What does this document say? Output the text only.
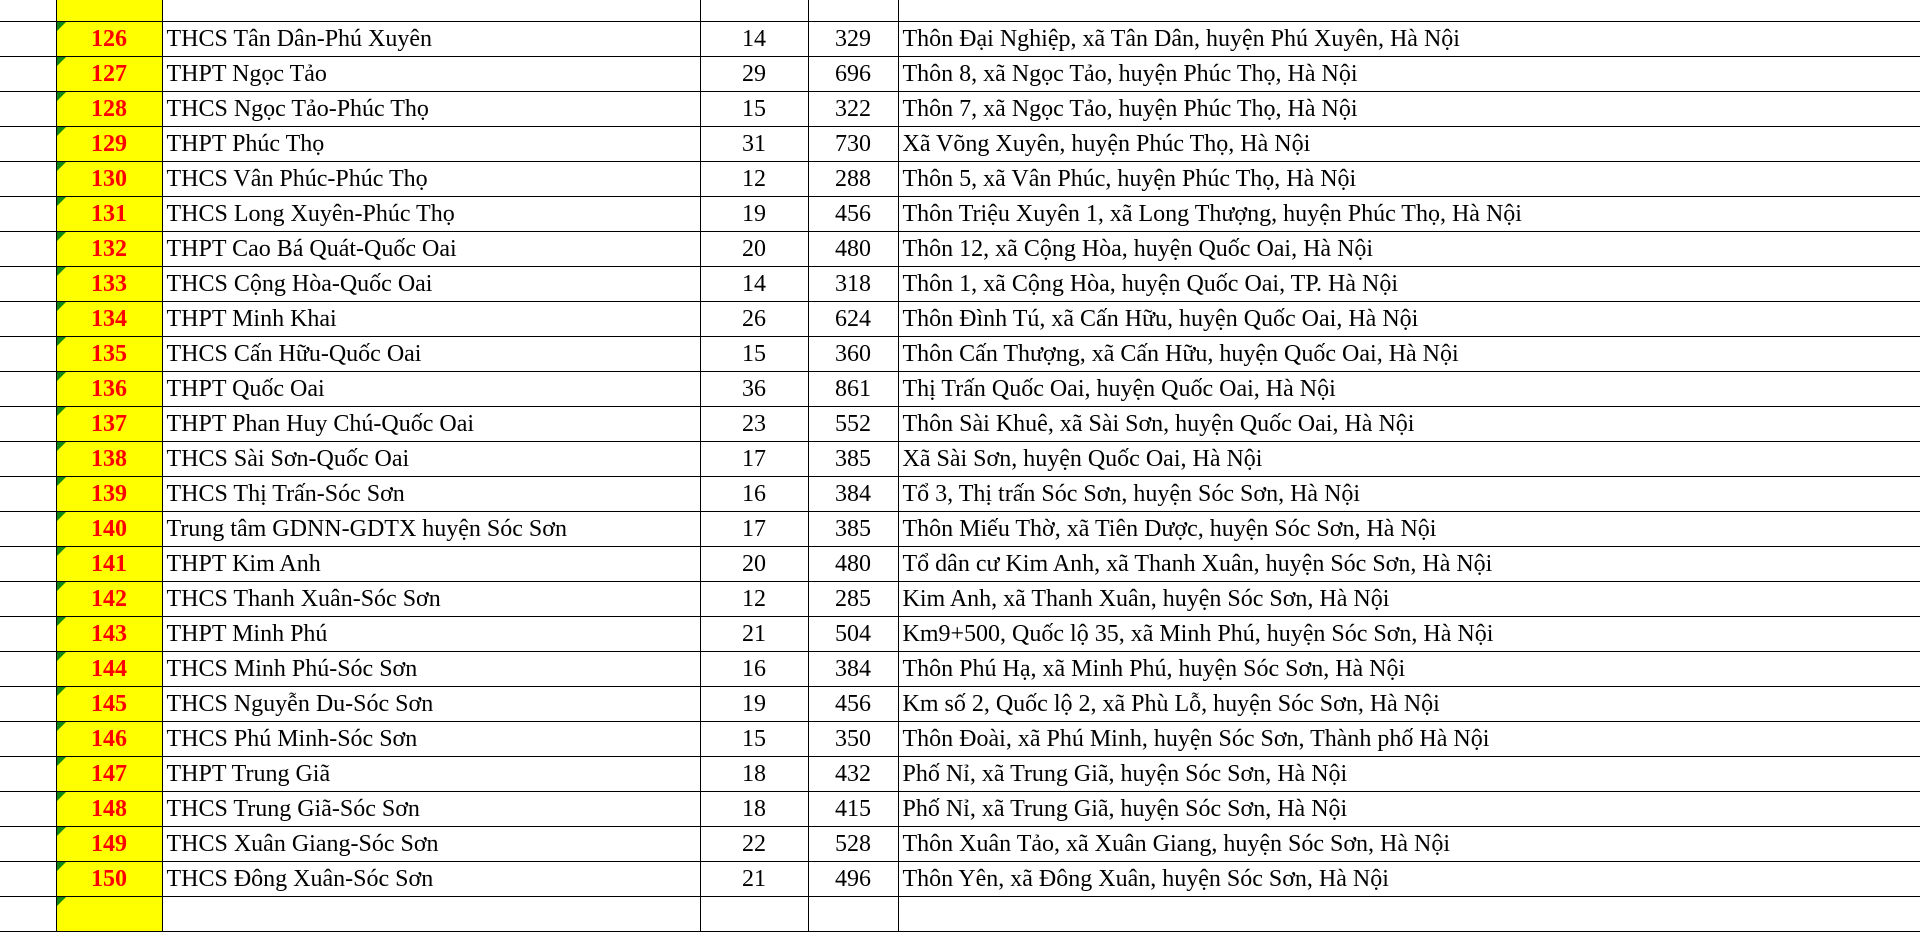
	126	THCS Tân Dân-Phú Xuyên	14	329	Thôn Đại Nghiệp, xã Tân Dân, huyện Phú Xuyên, Hà Nội
	127	THPT Ngọc Tảo	29	696	Thôn 8, xã Ngọc Tảo, huyện Phúc Thọ, Hà Nội
	128	THCS Ngọc Tảo-Phúc Thọ	15	322	Thôn 7, xã Ngọc Tảo, huyện Phúc Thọ, Hà Nội
	129	THPT Phúc Thọ	31	730	Xã Võng Xuyên, huyện Phúc Thọ, Hà Nội
	130	THCS Vân Phúc-Phúc Thọ	12	288	Thôn 5, xã Vân Phúc, huyện Phúc Thọ, Hà Nội
	131	THCS Long Xuyên-Phúc Thọ	19	456	Thôn Triệu Xuyên 1, xã Long Thượng, huyện Phúc Thọ, Hà Nội
	132	THPT Cao Bá Quát-Quốc Oai	20	480	Thôn 12, xã Cộng Hòa, huyện Quốc Oai, Hà Nội
	133	THCS Cộng Hòa-Quốc Oai	14	318	Thôn 1, xã Cộng Hòa, huyện Quốc Oai, TP. Hà Nội
	134	THPT Minh Khai	26	624	Thôn Đình Tú, xã Cấn Hữu, huyện Quốc Oai, Hà Nội
	135	THCS Cấn Hữu-Quốc Oai	15	360	Thôn Cấn Thượng, xã Cấn Hữu, huyện Quốc Oai, Hà Nội
	136	THPT Quốc Oai	36	861	Thị Trấn Quốc Oai, huyện Quốc Oai, Hà Nội
	137	THPT Phan Huy Chú-Quốc Oai	23	552	Thôn Sài Khuê, xã Sài Sơn, huyện Quốc Oai, Hà Nội
	138	THCS Sài Sơn-Quốc Oai	17	385	Xã Sài Sơn, huyện Quốc Oai, Hà Nội
	139	THCS Thị Trấn-Sóc Sơn	16	384	Tổ 3, Thị trấn Sóc Sơn, huyện Sóc Sơn, Hà Nội
	140	Trung tâm GDNN-GDTX huyện Sóc Sơn	17	385	Thôn Miếu Thờ, xã Tiên Dược, huyện Sóc Sơn, Hà Nội
	141	THPT Kim Anh	20	480	Tổ dân cư Kim Anh, xã Thanh Xuân, huyện Sóc Sơn, Hà Nội
	142	THCS Thanh Xuân-Sóc Sơn	12	285	Kim Anh, xã Thanh Xuân, huyện Sóc Sơn, Hà Nội
	143	THPT Minh Phú	21	504	Km9+500, Quốc lộ 35, xã Minh Phú, huyện Sóc Sơn, Hà Nội
	144	THCS Minh Phú-Sóc Sơn	16	384	Thôn Phú Hạ, xã Minh Phú, huyện Sóc Sơn, Hà Nội
	145	THCS Nguyễn Du-Sóc Sơn	19	456	Km số 2, Quốc lộ 2, xã Phù Lỗ, huyện Sóc Sơn, Hà Nội
	146	THCS Phú Minh-Sóc Sơn	15	350	Thôn Đoài, xã Phú Minh, huyện Sóc Sơn, Thành phố Hà Nội
	147	THPT Trung Giã	18	432	Phố Nỉ, xã Trung Giã, huyện Sóc Sơn, Hà Nội
	148	THCS Trung Giã-Sóc Sơn	18	415	Phố Nỉ, xã Trung Giã, huyện Sóc Sơn, Hà Nội
	149	THCS Xuân Giang-Sóc Sơn	22	528	Thôn Xuân Tảo, xã Xuân Giang, huyện Sóc Sơn, Hà Nội
	150	THCS Đông Xuân-Sóc Sơn	21	496	Thôn Yên, xã Đông Xuân, huyện Sóc Sơn, Hà Nội
